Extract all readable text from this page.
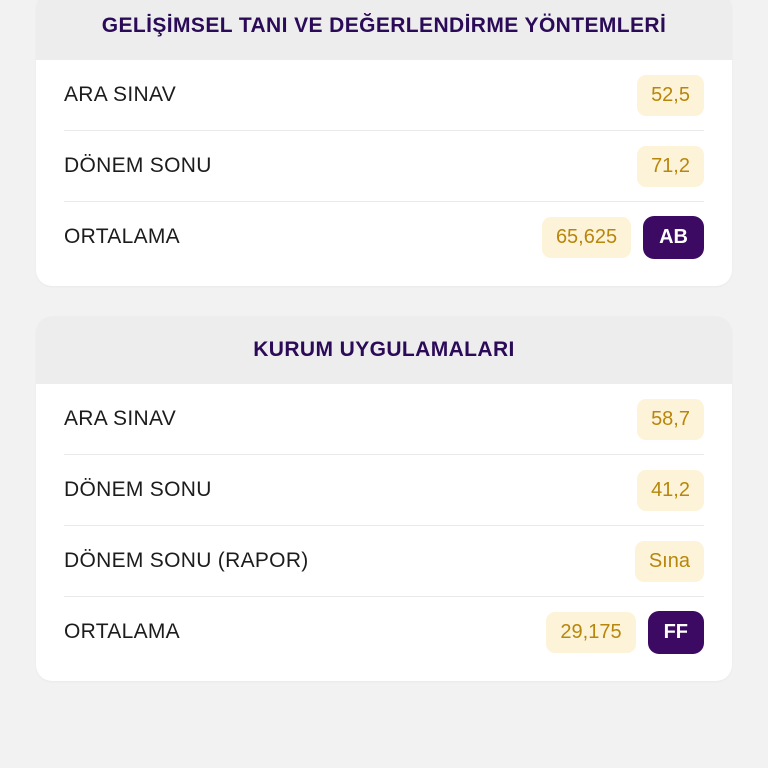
GELİŞİMSEL TANI VE DEĞERLENDİRME YÖNTEMLERİ
ARA SINAV	52,5
DÖNEM SONU	71,2
ORTALAMA	65,625	AB
KURUM UYGULAMALARI
ARA SINAV	58,7
DÖNEM SONU	41,2
DÖNEM SONU (RAPOR)	Sına
ORTALAMA	29,175	FF
